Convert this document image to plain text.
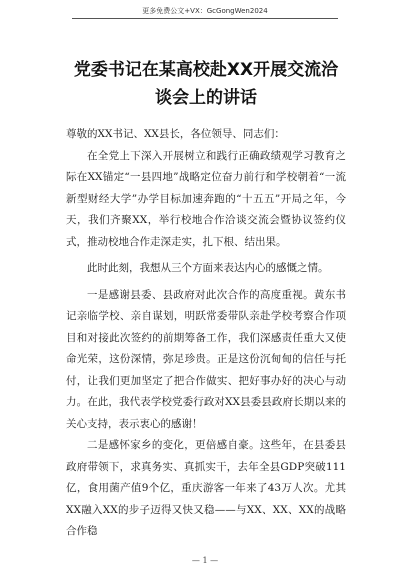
更多免费公文+VX：GcGongWen2024
党委书记在某高校赴XX开展交流洽谈会上的讲话

尊敬的XX书记、XX县长，各位领导、同志们：

在全党上下深入开展树立和践行正确政绩观学习教育之际在XX锚定“一县四地”战略定位奋力前行和学校朝着“一流新型财经大学”办学目标加速奔跑的“十五五”开局之年，今天，我们齐聚XX，举行校地合作洽谈交流会暨协议签约仪式，推动校地合作走深走实，扎下根、结出果。

此时此刻，我想从三个方面来表达内心的感慨之情。

一是感谢县委、县政府对此次合作的高度重视。黄东书记亲临学校、亲自谋划，明跃常委带队亲赴学校考察合作项目和对接此次签约的前期筹备工作，我们深感责任重大又使命光荣，这份深情，弥足珍贵。正是这份沉甸甸的信任与托付，让我们更加坚定了把合作做实、把好事办好的决心与动力。在此，我代表学校党委行政对XX县委县政府长期以来的关心支持，表示衷心的感谢！

二是感怀家乡的变化，更倍感自豪。这些年，在县委县政府带领下，求真务实、真抓实干，去年全县GDP突破111亿，食用菌产值9个亿，重庆游客一年来了43万人次。尤其XX融入XX的步子迈得又快又稳——与XX、XX、XX的战略合作稳

— 1 —
